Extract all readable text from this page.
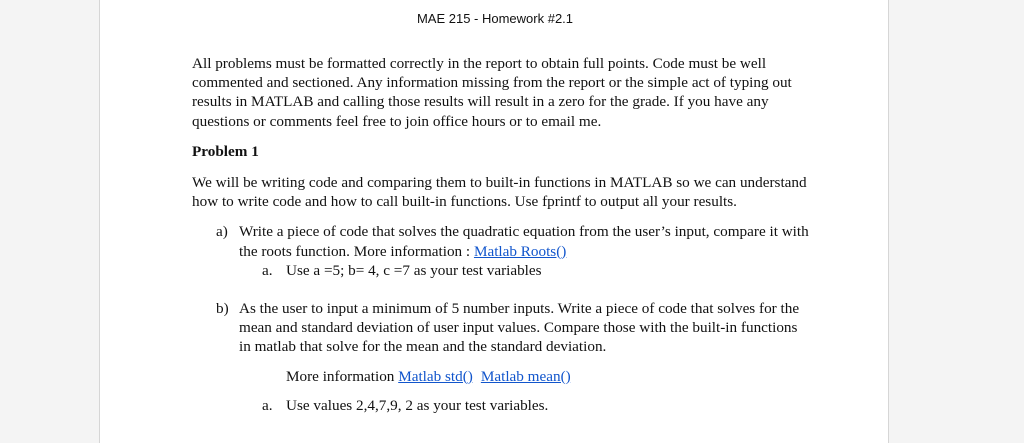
MAE 215 - Homework #2.1

All problems must be formatted correctly in the report to obtain full points. Code must be well commented and sectioned. Any information missing from the report or the simple act of typing out results in MATLAB and calling those results will result in a zero for the grade. If you have any questions or comments feel free to join office hours or to email me.

Problem 1

We will be writing code and comparing them to built-in functions in MATLAB so we can understand how to write code and how to call built-in functions. Use fprintf to output all your results.

a) Write a piece of code that solves the quadratic equation from the user’s input, compare it with the roots function. More information : Matlab Roots()
a. Use a =5; b= 4, c =7 as your test variables
b) As the user to input a minimum of 5 number inputs. Write a piece of code that solves for the mean and standard deviation of user input values. Compare those with the built-in functions in matlab that solve for the mean and the standard deviation.
More information Matlab std() Matlab mean()
a. Use values 2,4,7,9, 2 as your test variables.
